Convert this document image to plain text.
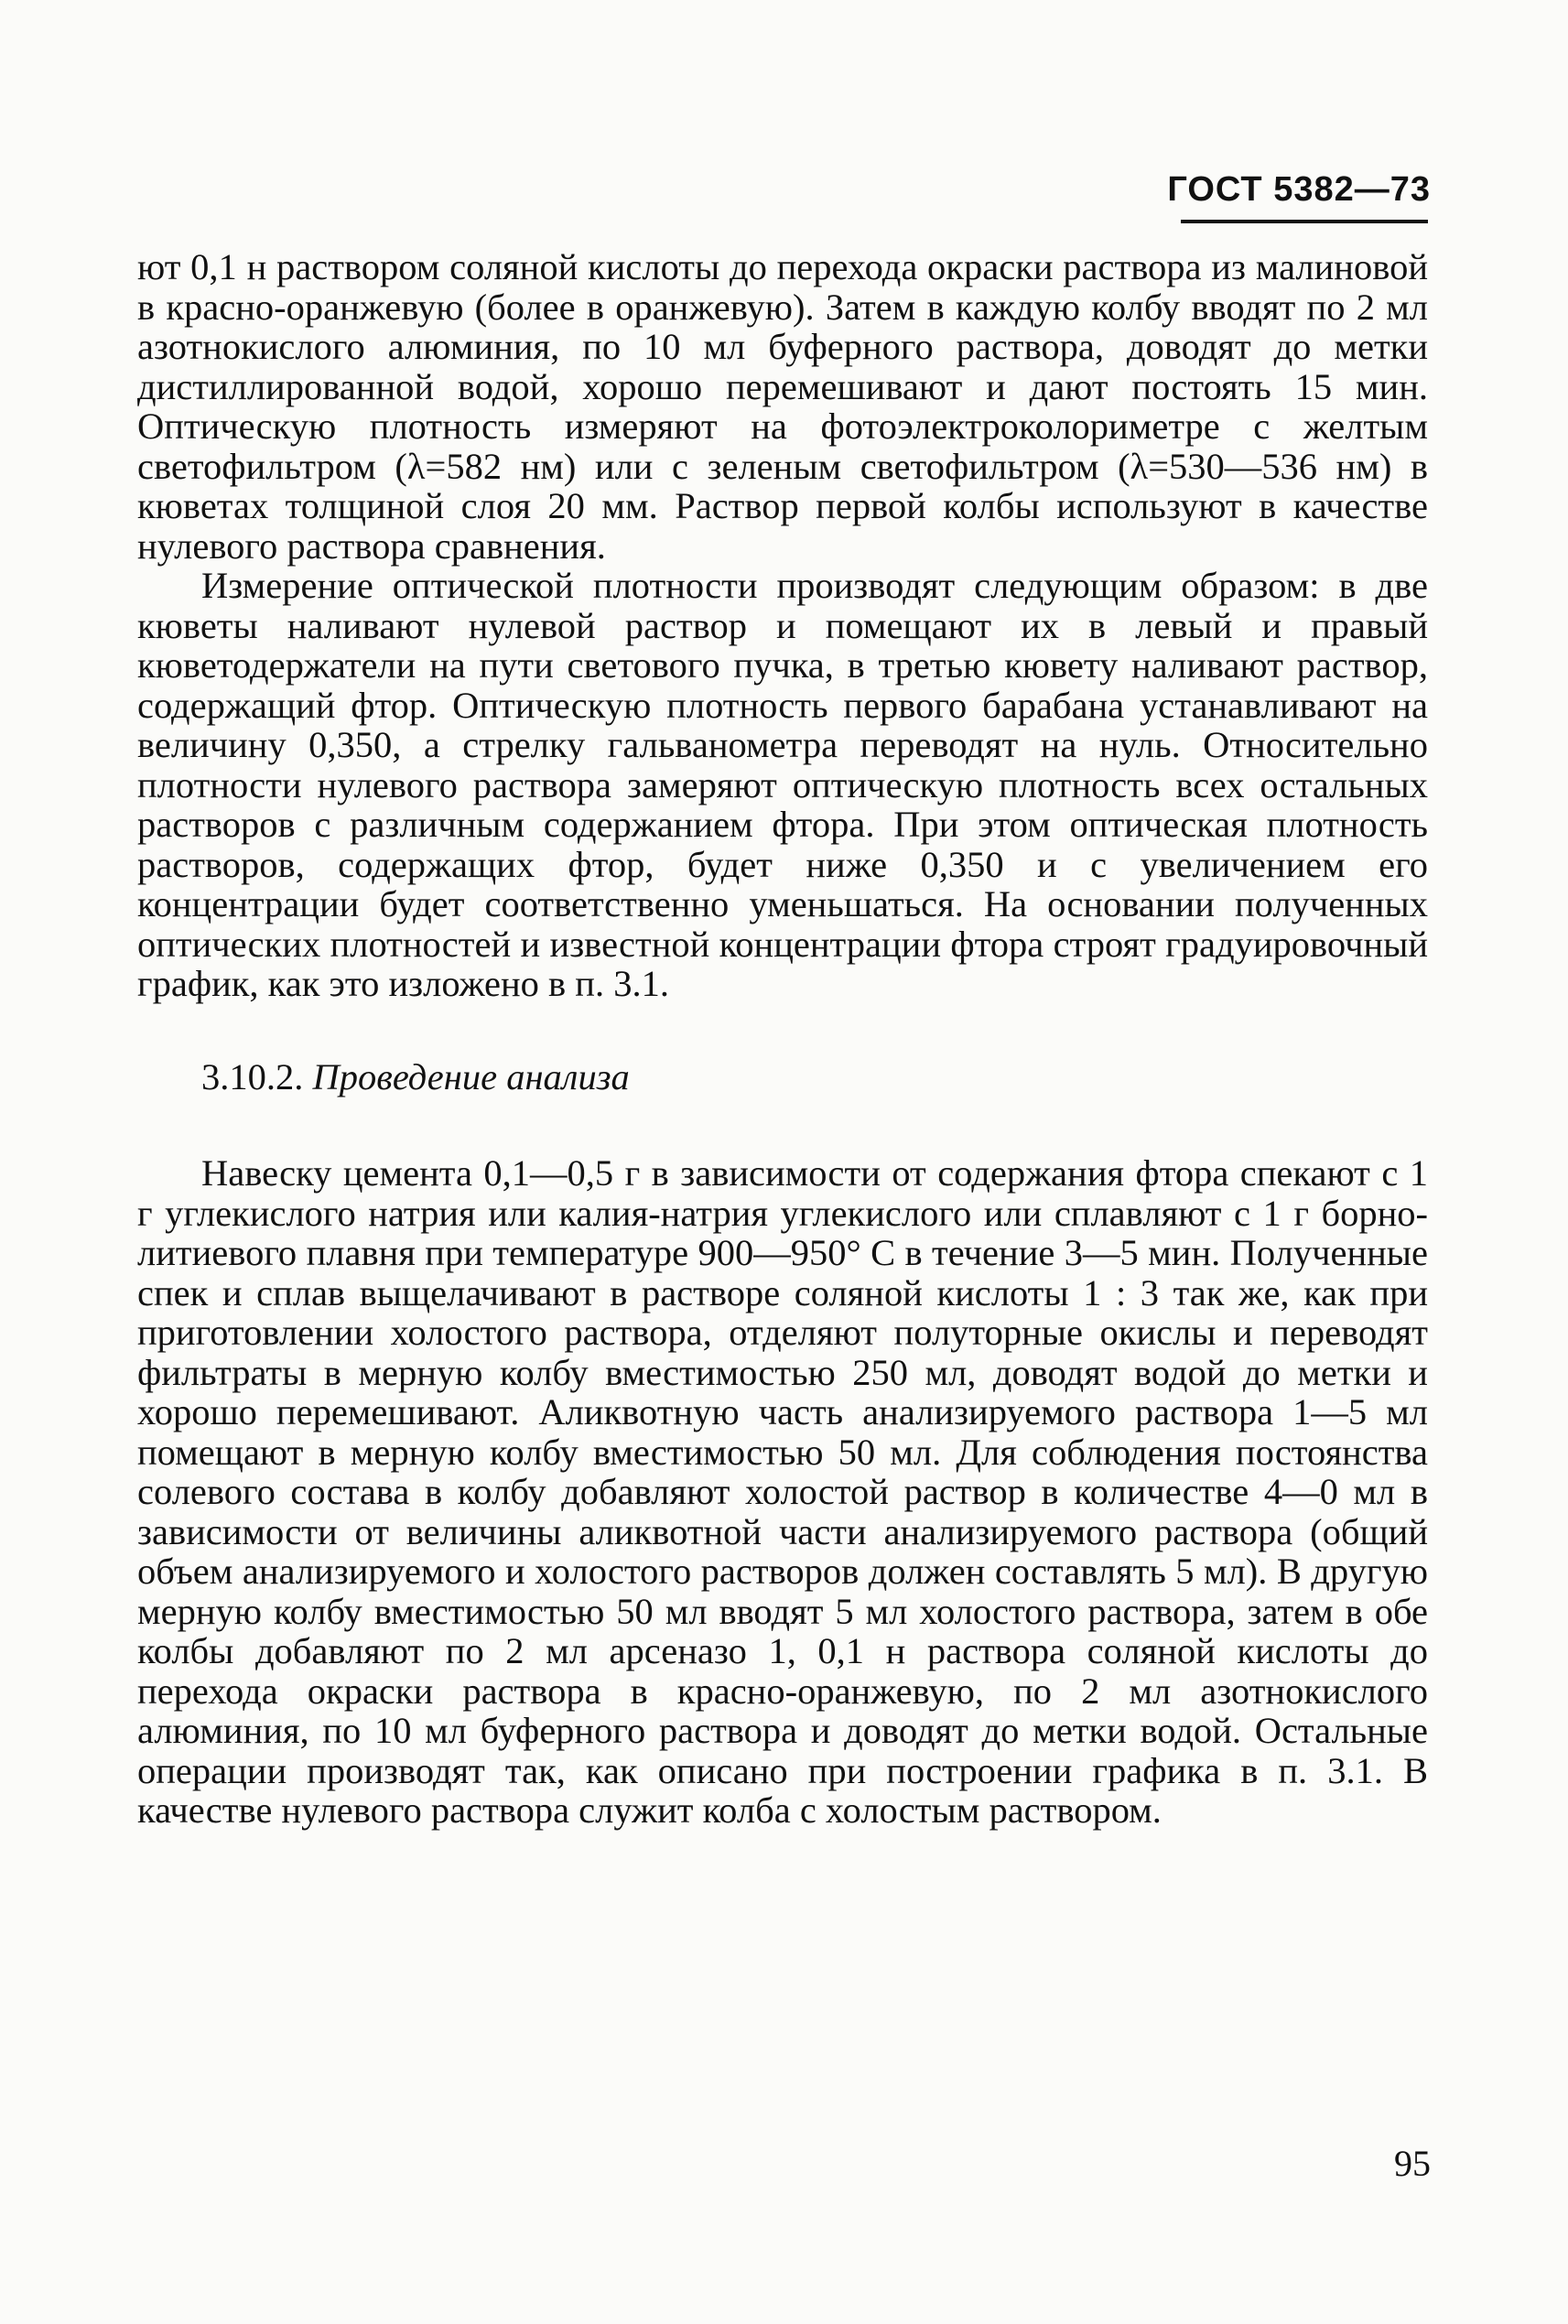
ГОСТ 5382—73

ют 0,1 н раствором соляной кислоты до перехода окраски раствора из малиновой в красно-оранжевую (более в оранжевую). Затем в каждую колбу вводят по 2 мл азотнокислого алюминия, по 10 мл буферного раствора, доводят до метки дистиллированной водой, хорошо перемешивают и дают постоять 15 мин. Оптическую плотность измеряют на фотоэлектроколориметре с желтым светофильтром (λ=582 нм) или с зеленым светофильтром (λ=530—536 нм) в кюветах толщиной слоя 20 мм. Раствор первой колбы используют в качестве нулевого раствора сравнения.

Измерение оптической плотности производят следующим образом: в две кюветы наливают нулевой раствор и помещают их в левый и правый кюветодержатели на пути светового пучка, в третью кювету наливают раствор, содержащий фтор. Оптическую плотность первого барабана устанавливают на величину 0,350, а стрелку гальванометра переводят на нуль. Относительно плотности нулевого раствора замеряют оптическую плотность всех остальных растворов с различным содержанием фтора. При этом оптическая плотность растворов, содержащих фтор, будет ниже 0,350 и с увеличением его концентрации будет соответственно уменьшаться. На основании полученных оптических плотностей и известной концентрации фтора строят градуировочный график, как это изложено в п. 3.1.

3.10.2. Проведение анализа

Навеску цемента 0,1—0,5 г в зависимости от содержания фтора спекают с 1 г углекислого натрия или калия-натрия углекислого или сплавляют с 1 г борно-литиевого плавня при температуре 900—950° С в течение 3—5 мин. Полученные спек и сплав выщелачивают в растворе соляной кислоты 1 : 3 так же, как при приготовлении холостого раствора, отделяют полуторные окислы и переводят фильтраты в мерную колбу вместимостью 250 мл, доводят водой до метки и хорошо перемешивают. Аликвотную часть анализируемого раствора 1—5 мл помещают в мерную колбу вместимостью 50 мл. Для соблюдения постоянства солевого состава в колбу добавляют холостой раствор в количестве 4—0 мл в зависимости от величины аликвотной части анализируемого раствора (общий объем анализируемого и холостого растворов должен составлять 5 мл). В другую мерную колбу вместимостью 50 мл вводят 5 мл холостого раствора, затем в обе колбы добавляют по 2 мл арсеназо 1, 0,1 н раствора соляной кислоты до перехода окраски раствора в красно-оранжевую, по 2 мл азотнокислого алюминия, по 10 мл буферного раствора и доводят до метки водой. Остальные операции производят так, как описано при построении графика в п. 3.1. В качестве нулевого раствора служит колба с холостым раствором.

95
